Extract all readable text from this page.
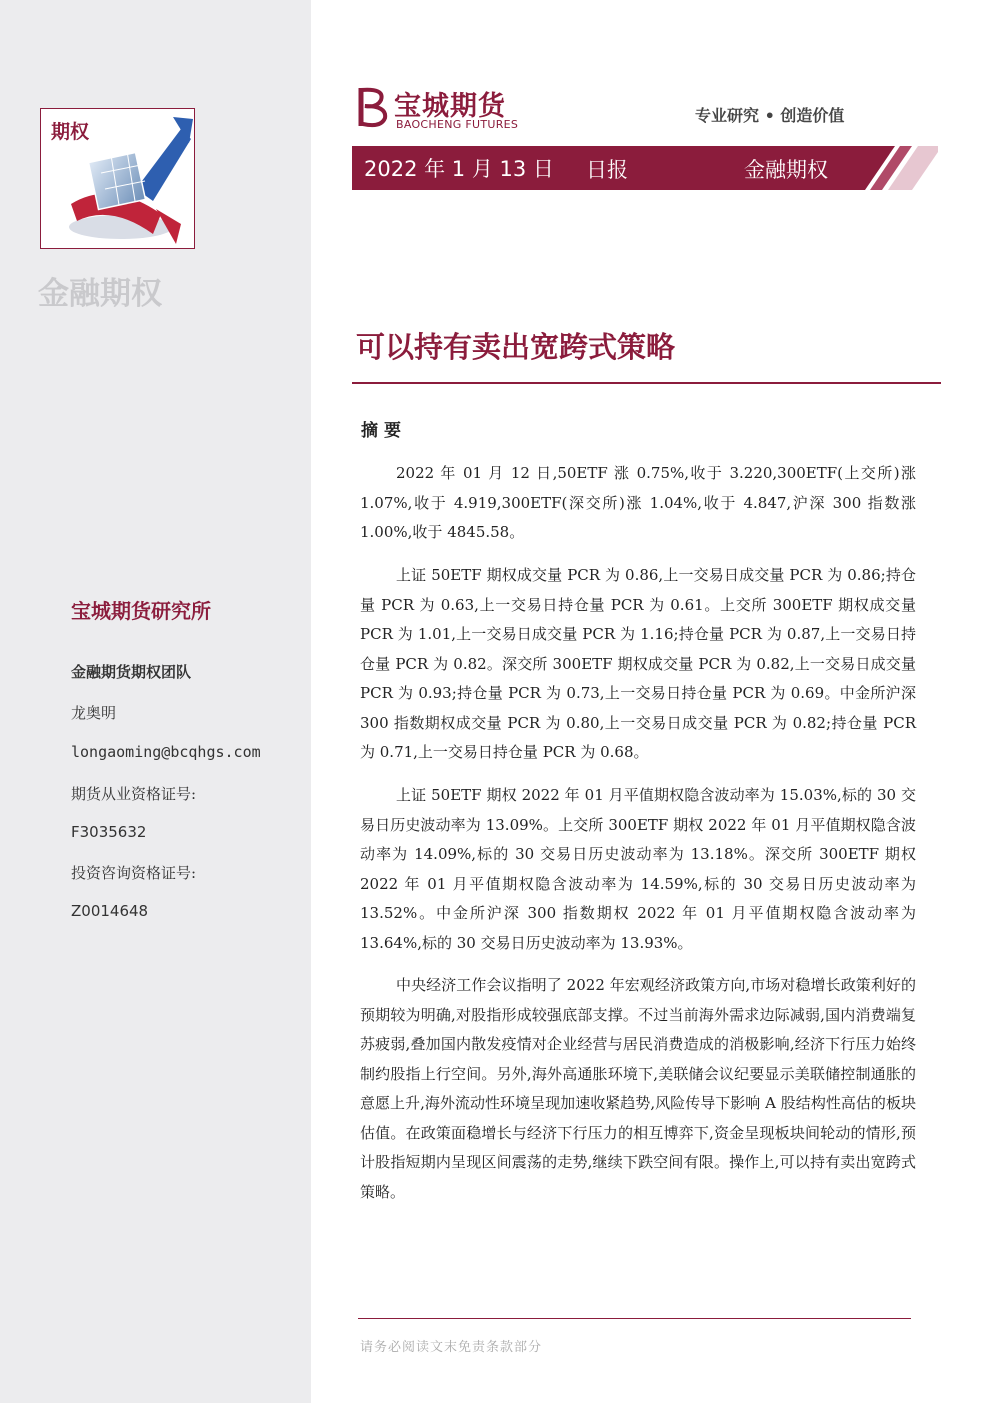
期权
金融期权
宝城期货研究所
金融期货期权团队
龙奥明
longaoming@bcqhgs.com
期货从业资格证号:
F3035632
投资咨询资格证号:
Z0014648
宝城期货
BAOCHENG FUTURES	专业研究 • 创造价值
2022 年 1 月 13 日 日报	金融期权
可以持有卖出宽跨式策略
摘要

2022 年 01 月 12 日,50ETF 涨 0.75%,收于 3.220,300ETF(上交所)涨 1.07%,收于 4.919,300ETF(深交所)涨 1.04%,收于 4.847,沪深 300 指数涨 1.00%,收于 4845.58。

上证 50ETF 期权成交量 PCR 为 0.86,上一交易日成交量 PCR 为 0.86;持仓量 PCR 为 0.63,上一交易日持仓量 PCR 为 0.61。上交所 300ETF 期权成交量 PCR 为 1.01,上一交易日成交量 PCR 为 1.16;持仓量 PCR 为 0.87,上一交易日持仓量 PCR 为 0.82。深交所 300ETF 期权成交量 PCR 为 0.82,上一交易日成交量 PCR 为 0.93;持仓量 PCR 为 0.73,上一交易日持仓量 PCR 为 0.69。中金所沪深 300 指数期权成交量 PCR 为 0.80,上一交易日成交量 PCR 为 0.82;持仓量 PCR 为 0.71,上一交易日持仓量 PCR 为 0.68。

上证 50ETF 期权 2022 年 01 月平值期权隐含波动率为 15.03%,标的 30 交易日历史波动率为 13.09%。上交所 300ETF 期权 2022 年 01 月平值期权隐含波动率为 14.09%,标的 30 交易日历史波动率为 13.18%。深交所 300ETF 期权 2022 年 01 月平值期权隐含波动率为 14.59%,标的 30 交易日历史波动率为 13.52%。中金所沪深 300 指数期权 2022 年 01 月平值期权隐含波动率为 13.64%,标的 30 交易日历史波动率为 13.93%。

中央经济工作会议指明了 2022 年宏观经济政策方向,市场对稳增长政策利好的预期较为明确,对股指形成较强底部支撑。不过当前海外需求边际减弱,国内消费端复苏疲弱,叠加国内散发疫情对企业经营与居民消费造成的消极影响,经济下行压力始终制约股指上行空间。另外,海外高通胀环境下,美联储会议纪要显示美联储控制通胀的意愿上升,海外流动性环境呈现加速收紧趋势,风险传导下影响 A 股结构性高估的板块估值。在政策面稳增长与经济下行压力的相互博弈下,资金呈现板块间轮动的情形,预计股指短期内呈现区间震荡的走势,继续下跌空间有限。操作上,可以持有卖出宽跨式策略。

请务必阅读文末免责条款部分
